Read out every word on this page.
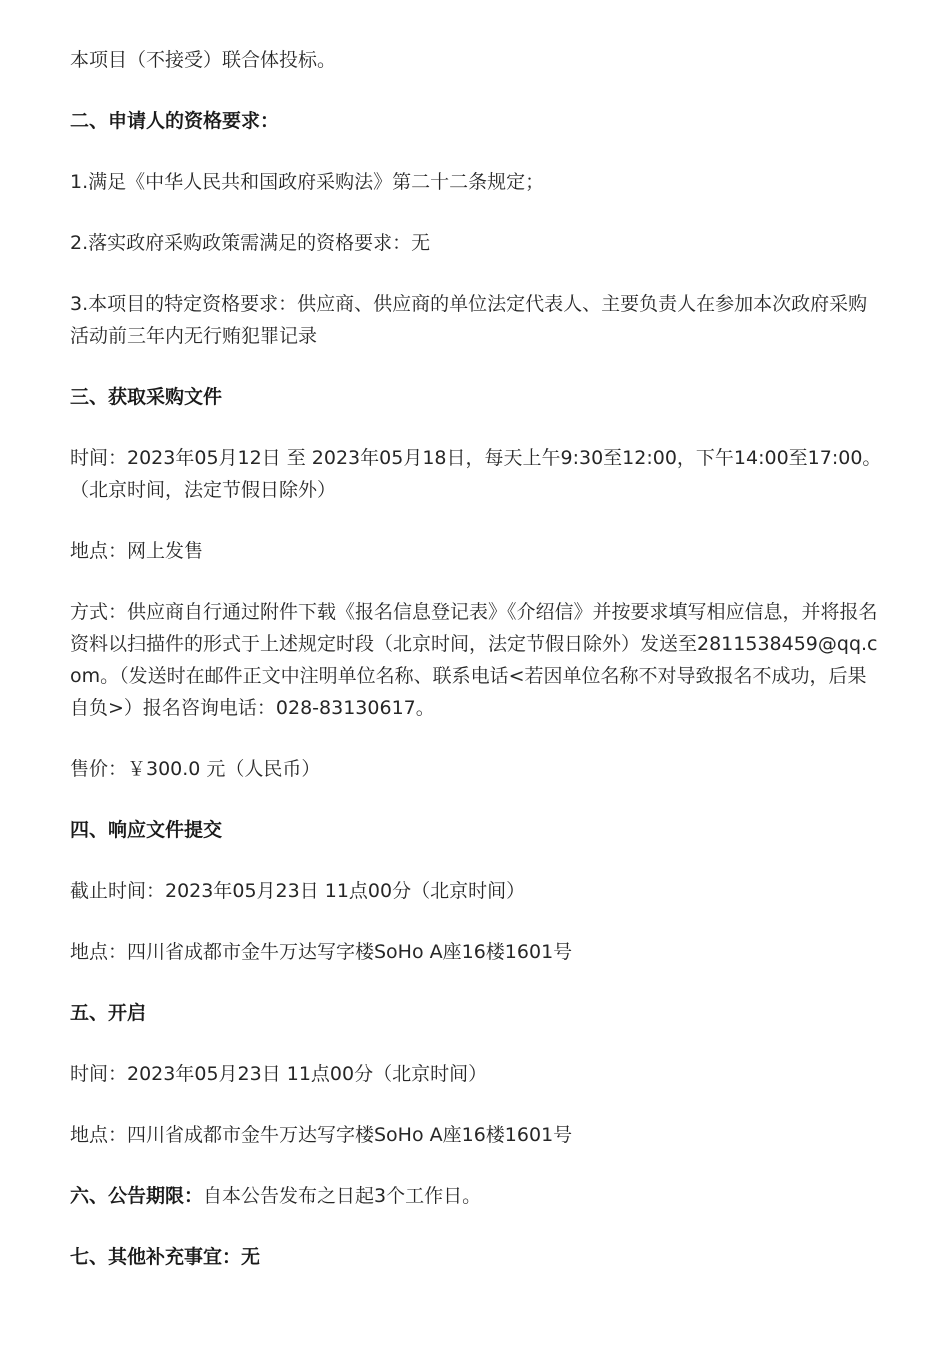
本项目（不接受）联合体投标。

二、申请人的资格要求：

1.满足《中华人民共和国政府采购法》第二十二条规定；

2.落实政府采购政策需满足的资格要求：无

3.本项目的特定资格要求：供应商、供应商的单位法定代表人、主要负责人在参加本次政府采购活动前三年内无行贿犯罪记录

三、获取采购文件

时间：2023年05月12日 至 2023年05月18日，每天上午9:30至12:00，下午14:00至17:00。（北京时间，法定节假日除外）

地点：网上发售

方式：供应商自行通过附件下载《报名信息登记表》《介绍信》并按要求填写相应信息，并将报名资料以扫描件的形式于上述规定时段（北京时间，法定节假日除外）发送至2811538459@qq.com。（发送时在邮件正文中注明单位名称、联系电话<若因单位名称不对导致报名不成功，后果自负>）报名咨询电话：028-83130617。

售价：￥300.0 元（人民币）

四、响应文件提交

截止时间：2023年05月23日 11点00分（北京时间）

地点：四川省成都市金牛万达写字楼SoHo A座16楼1601号

五、开启

时间：2023年05月23日 11点00分（北京时间）

地点：四川省成都市金牛万达写字楼SoHo A座16楼1601号

六、公告期限：自本公告发布之日起3个工作日。

七、其他补充事宜：无
